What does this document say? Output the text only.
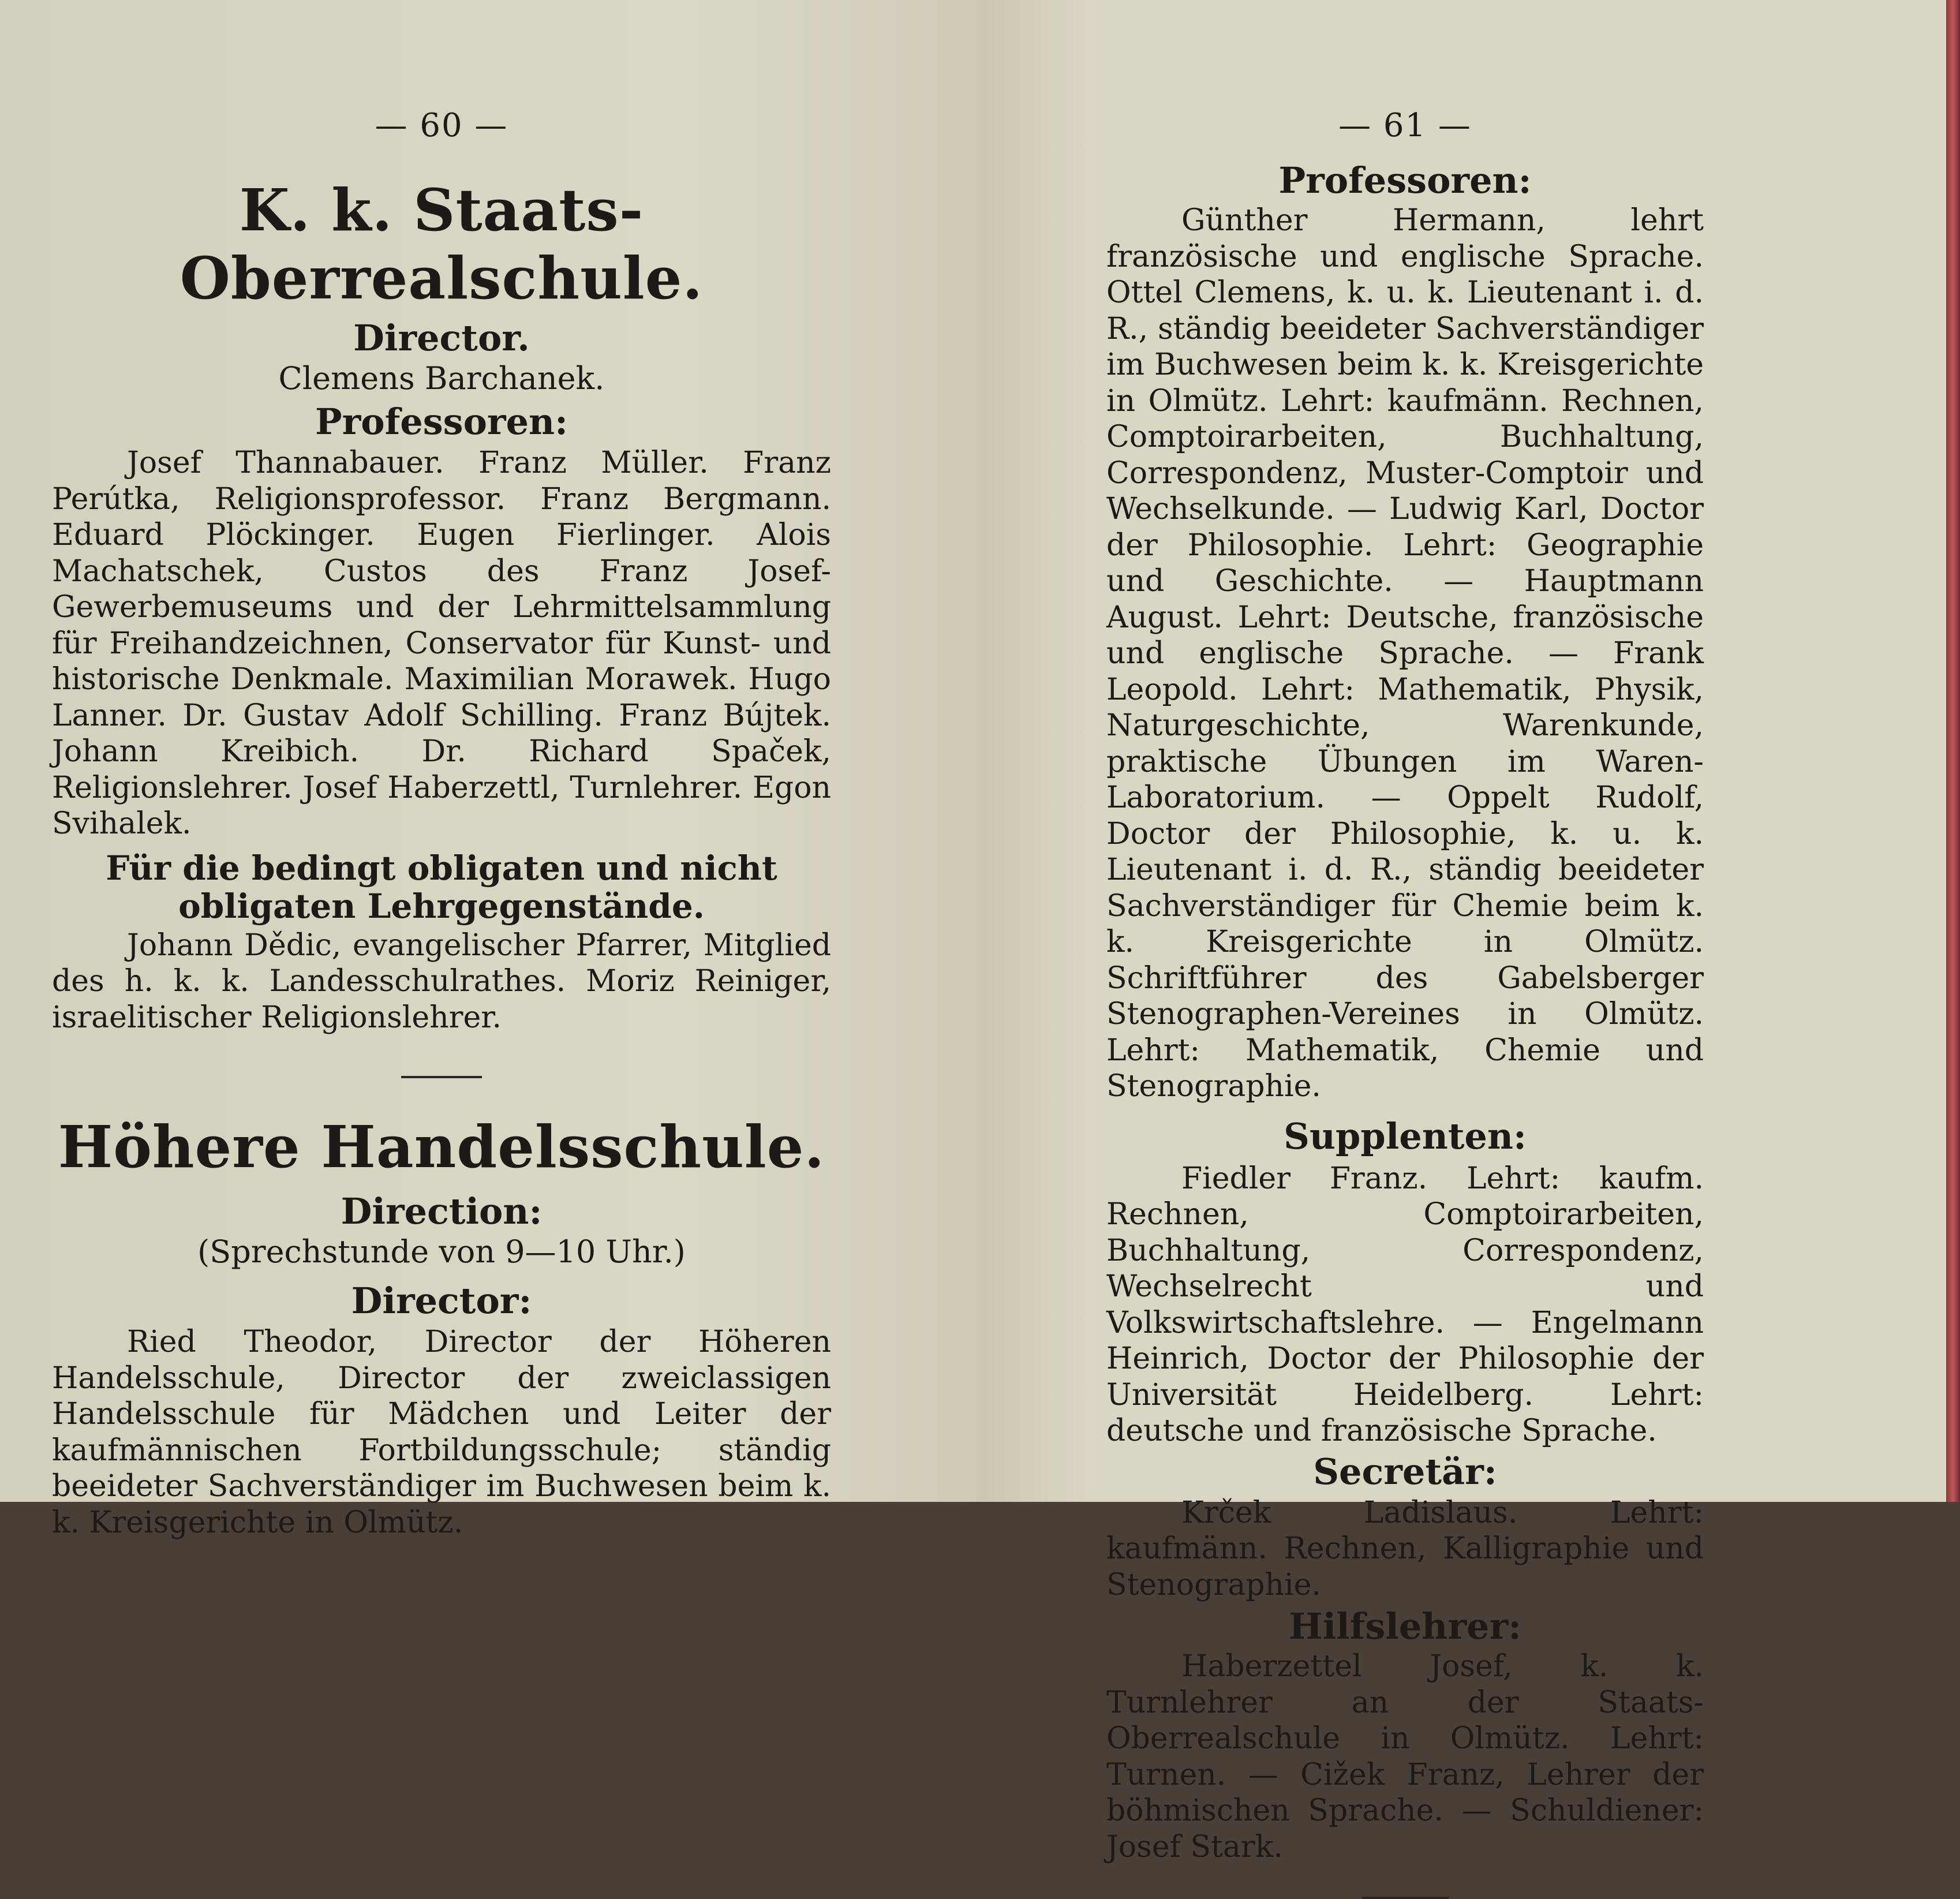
— 60 —
K. k. Staats-Oberrealschule.
Director.
Clemens Barchanek.
Professoren:
Josef Thannabauer. Franz Müller. Franz Perútka, Religionsprofessor. Franz Bergmann. Eduard Plöckinger. Eugen Fierlinger. Alois Machatschek, Custos des Franz Josef-Gewerbemuseums und der Lehrmittelsammlung für Freihandzeichnen, Conservator für Kunst- und historische Denkmale. Maximilian Morawek. Hugo Lanner. Dr. Gustav Adolf Schilling. Franz Bújtek. Johann Kreibich. Dr. Richard Spaček, Religionslehrer. Josef Haberzettl, Turnlehrer. Egon Svihalek.
Für die bedingt obligaten und nicht obligaten Lehrgegenstände.
Johann Dědic, evangelischer Pfarrer, Mitglied des h. k. k. Landesschulrathes. Moriz Reiniger, israelitischer Religionslehrer.
Höhere Handelsschule.
Direction:
(Sprechstunde von 9—10 Uhr.)
Director:
Ried Theodor, Director der Höheren Handelsschule, Director der zweiclassigen Handelsschule für Mädchen und Leiter der kaufmännischen Fortbildungsschule; ständig beeideter Sachverständiger im Buchwesen beim k. k. Kreisgerichte in Olmütz.
— 61 —
Professoren:
Günther Hermann, lehrt französische und englische Sprache. Ottel Clemens, k. u. k. Lieutenant i. d. R., ständig beeideter Sachverständiger im Buchwesen beim k. k. Kreisgerichte in Olmütz. Lehrt: kaufmänn. Rechnen, Comptoirarbeiten, Buchhaltung, Correspondenz, Muster-Comptoir und Wechselkunde. — Ludwig Karl, Doctor der Philosophie. Lehrt: Geographie und Geschichte. — Hauptmann August. Lehrt: Deutsche, französische und englische Sprache. — Frank Leopold. Lehrt: Mathematik, Physik, Naturgeschichte, Warenkunde, praktische Übungen im Waren-Laboratorium. — Oppelt Rudolf, Doctor der Philosophie, k. u. k. Lieutenant i. d. R., ständig beeideter Sachverständiger für Chemie beim k. k. Kreisgerichte in Olmütz. Schriftführer des Gabelsberger Stenographen-Vereines in Olmütz. Lehrt: Mathematik, Chemie und Stenographie.
Supplenten:
Fiedler Franz. Lehrt: kaufm. Rechnen, Comptoirarbeiten, Buchhaltung, Correspondenz, Wechselrecht und Volkswirtschaftslehre. — Engelmann Heinrich, Doctor der Philosophie der Universität Heidelberg. Lehrt: deutsche und französische Sprache.
Secretär:
Krček Ladislaus. Lehrt: kaufmänn. Rechnen, Kalligraphie und Stenographie.
Hilfslehrer:
Haberzettel Josef, k. k. Turnlehrer an der Staats-Oberrealschule in Olmütz. Lehrt: Turnen. — Cižek Franz, Lehrer der böhmischen Sprache. — Schuldiener: Josef Stark.
